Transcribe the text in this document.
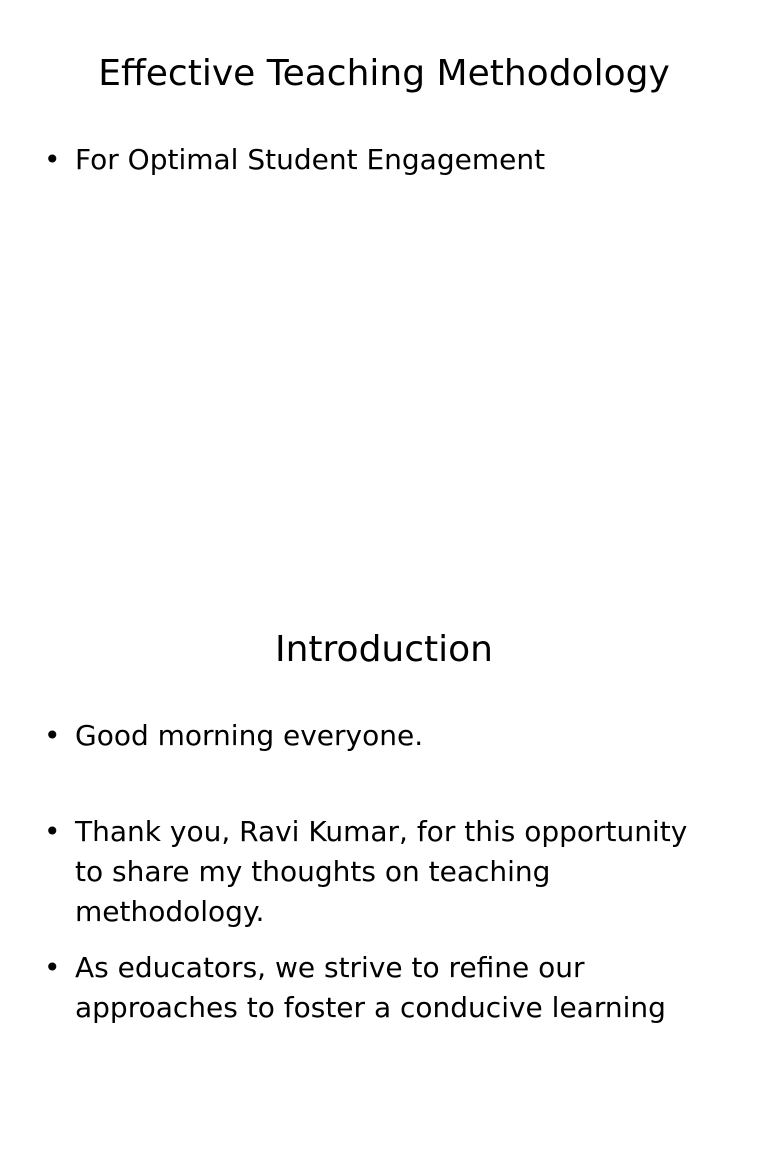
Effective Teaching Methodology
• For Optimal Student Engagement
Introduction
• Good morning everyone.
• Thank you, Ravi Kumar, for this opportunity to share my thoughts on teaching methodology.
• As educators, we strive to refine our approaches to foster a conducive learning
